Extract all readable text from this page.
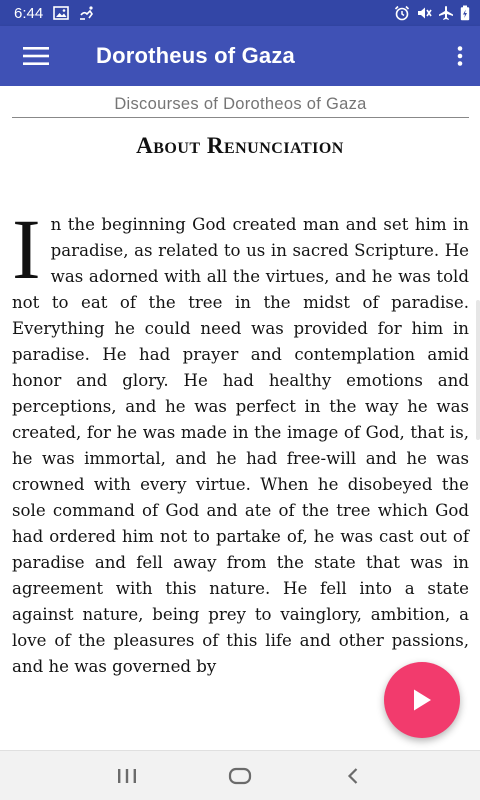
6:44
Dorotheus of Gaza
Discourses of Dorotheos of Gaza
About Renunciation
In the beginning God created man and set him in paradise, as related to us in sacred Scripture. He was adorned with all the virtues, and he was told not to eat of the tree in the midst of paradise. Everything he could need was provided for him in paradise. He had prayer and contemplation amid honor and glory. He had healthy emotions and perceptions, and he was perfect in the way he was created, for he was made in the image of God, that is, he was immortal, and he had free-will and he was crowned with every virtue. When he disobeyed the sole command of God and ate of the tree which God had ordered him not to partake of, he was cast out of paradise and fell away from the state that was in agreement with this nature. He fell into a state against nature, being prey to vainglory, ambition, a love of the pleasures of this life and other passions, and he was governed by
